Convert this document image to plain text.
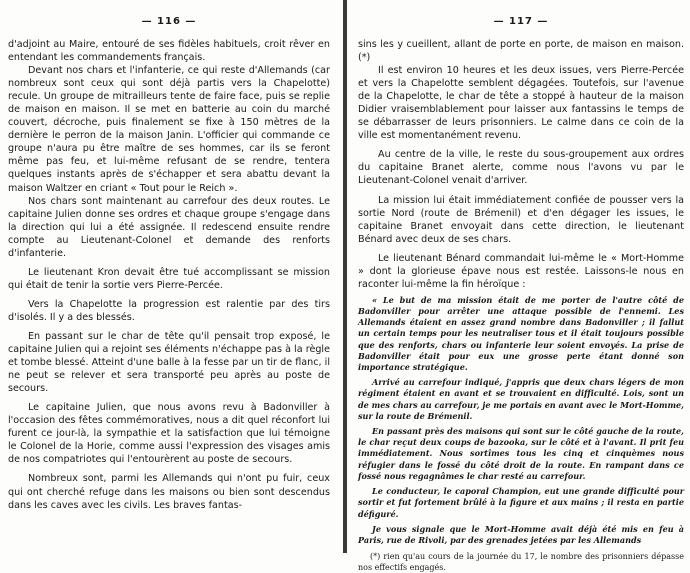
— 116 —

d'adjoint au Maire, entouré de ses fidèles habituels, croit rêver en entendant les commandements français.

Devant nos chars et l'infanterie, ce qui reste d'Allemands (car nombreux sont ceux qui sont déjà partis vers la Chapelotte) recule. Un groupe de mitrailleurs tente de faire face, puis se replie de maison en maison. Il se met en batterie au coin du marché couvert, décroche, puis finalement se fixe à 150 mètres de la dernière le perron de la maison Janin. L'officier qui commande ce groupe n'aura pu être maître de ses hommes, car ils se feront même pas feu, et lui-même refusant de se rendre, tentera quelques instants après de s'échapper et sera abattu devant la maison Waltzer en criant « Tout pour le Reich ».

Nos chars sont maintenant au carrefour des deux routes. Le capitaine Julien donne ses ordres et chaque groupe s'engage dans la direction qui lui a été assignée. Il redescend ensuite rendre compte au Lieutenant-Colonel et demande des renforts d'infanterie.

Le lieutenant Kron devait être tué accomplissant se mission qui était de tenir la sortie vers Pierre-Percée.

Vers la Chapelotte la progression est ralentie par des tirs d'isolés. Il y a des blessés.

En passant sur le char de tête qu'il pensait trop exposé, le capitaine Julien qui a rejoint ses éléments n'échappe pas à la règle et tombe blessé. Atteint d'une balle à la fesse par un tir de flanc, il ne peut se relever et sera transporté peu après au poste de secours.

Le capitaine Julien, que nous avons revu à Badonviller à l'occasion des fêtes commémoratives, nous a dit quel réconfort lui furent ce jour-là, la sympathie et la satisfaction que lui témoigne le Colonel de la Horie, comme aussi l'expression des visages amis de nos compatriotes qui l'entourèrent au poste de secours.

Nombreux sont, parmi les Allemands qui n'ont pu fuir, ceux qui ont cherché refuge dans les maisons ou bien sont descendus dans les caves avec les civils. Les braves fantas-

— 117 —

sins les y cueillent, allant de porte en porte, de maison en maison. (*)

Il est environ 10 heures et les deux issues, vers Pierre-Percée et vers la Chapelotte semblent dégagées. Toutefois, sur l'avenue de la Chapelotte, le char de tête a stoppé à hauteur de la maison Didier vraisemblablement pour laisser aux fantassins le temps de se débarrasser de leurs prisonniers. Le calme dans ce coin de la ville est momentanément revenu.

Au centre de la ville, le reste du sous-groupement aux ordres du capitaine Branet alerte, comme nous l'avons vu par le Lieutenant-Colonel venait d'arriver.

La mission lui était immédiatement confiée de pousser vers la sortie Nord (route de Brémenil) et d'en dégager les issues, le capitaine Branet envoyait dans cette direction, le lieutenant Bénard avec deux de ses chars.

Le lieutenant Bénard commandait lui-même le « Mort-Homme » dont la glorieuse épave nous est restée. Laissons-le nous en raconter lui-même la fin héroïque :

« Le but de ma mission était de me porter de l'autre côté de Badonviller pour arrêter une attaque possible de l'ennemi. Les Allemands étaient en assez grand nombre dans Badonviller ; il fallut un certain temps pour les neutraliser tous et il était toujours possible que des renforts, chars ou infanterie leur soient envoyés. La prise de Badonviller était pour eux une grosse perte étant donné son importance stratégique.

Arrivé au carrefour indiqué, j'appris que deux chars légers de mon régiment étaient en avant et se trouvaient en difficulté. Lois, sont un de mes chars au carrefour, je me portais en avant avec le Mort-Homme, sur la route de Brémenil.

En passant près des maisons qui sont sur le côté gauche de la route, le char reçut deux coups de bazooka, sur le côté et à l'avant. Il prit feu immédiatement. Nous sortîmes tous les cinq et cinquèmes nous réfugier dans le fossé du côté droit de la route. En rampant dans ce fossé nous regagnâmes le char resté au carrefour.

Le conducteur, le caporal Champion, eut une grande difficulté pour sortir et fut fortement brûlé à la figure et aux mains ; il resta en partie défiguré.

Je vous signale que le Mort-Homme avait déjà été mis en feu à Paris, rue de Rivoli, par des grenades jetées par les Allemands

(*) rien qu'au cours de la journée du 17, le nombre des prisonniers dépasse nos effectifs engagés.
